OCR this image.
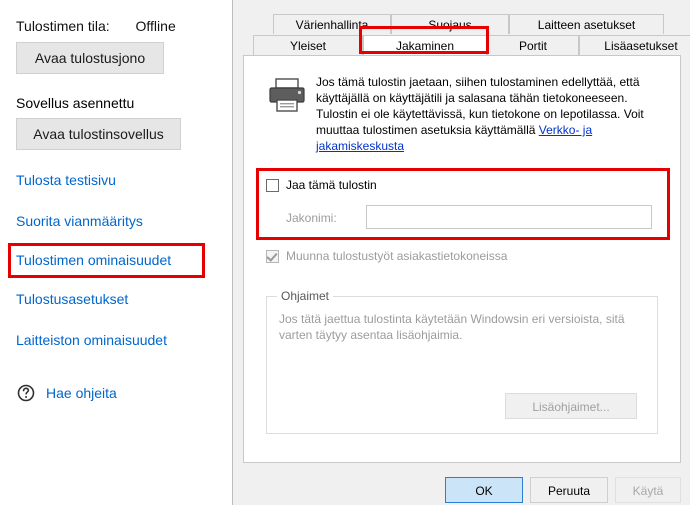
Tulostimen tila: Offline
Avaa tulostusjono
Sovellus asennettu
Avaa tulostinsovellus
Tulosta testisivu
Suorita vianmääritys
Tulostimen ominaisuudet
Tulostusasetukset
Laitteiston ominaisuudet
Hae ohjeita
Värienhallinta	Suojaus	Laitteen asetukset
Yleiset	Jakaminen	Portit	Lisäasetukset
Jos tämä tulostin jaetaan, siihen tulostaminen edellyttää, että käyttäjällä on käyttäjätili ja salasana tähän tietokoneeseen. Tulostin ei ole käytettävissä, kun tietokone on lepotilassa. Voit muuttaa tulostimen asetuksia käyttämällä Verkko- ja jakamiskeskusta
Jaa tämä tulostin
Jakonimi:
Muunna tulostustyöt asiakastietokoneissa
Ohjaimet
Jos tätä jaettua tulostinta käytetään Windowsin eri versioista, sitä varten täytyy asentaa lisäohjaimia.
Lisäohjaimet...
OK	Peruuta	Käytä
